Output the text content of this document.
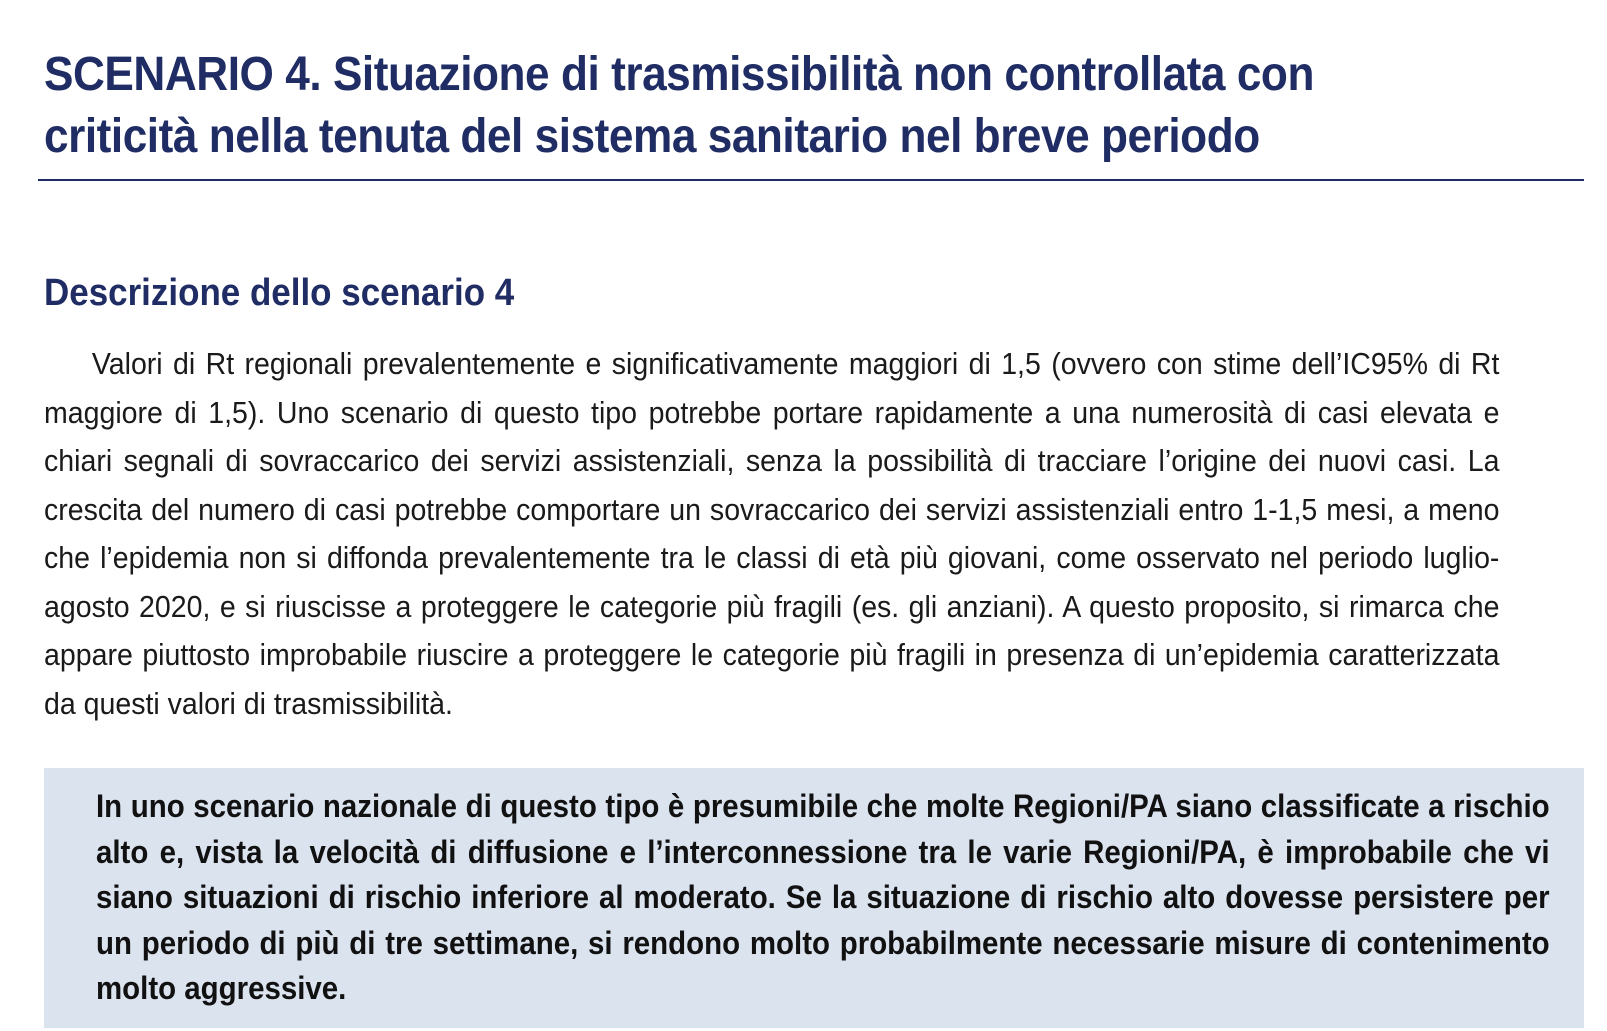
SCENARIO 4. Situazione di trasmissibilità non controllata con criticità nella tenuta del sistema sanitario nel breve periodo
Descrizione dello scenario 4

Valori di Rt regionali prevalentemente e significativamente maggiori di 1,5 (ovvero con stime dell’IC95% di Rt maggiore di 1,5). Uno scenario di questo tipo potrebbe portare rapidamente a una numerosità di casi elevata e chiari segnali di sovraccarico dei servizi assistenziali, senza la possibilità di tracciare l’origine dei nuovi casi. La crescita del numero di casi potrebbe comportare un sovraccarico dei servizi assistenziali entro 1-1,5 mesi, a meno che l’epidemia non si diffonda prevalentemente tra le classi di età più giovani, come osservato nel periodo luglio-agosto 2020, e si riuscisse a proteggere le categorie più fragili (es. gli anziani). A questo proposito, si rimarca che appare piuttosto improbabile riuscire a proteggere le categorie più fragili in presenza di un’epidemia caratterizzata da questi valori di trasmissibilità.

In uno scenario nazionale di questo tipo è presumibile che molte Regioni/PA siano classificate a rischio alto e, vista la velocità di diffusione e l’interconnessione tra le varie Regioni/PA, è improbabile che vi siano situazioni di rischio inferiore al moderato. Se la situazione di rischio alto dovesse persistere per un periodo di più di tre settimane, si rendono molto probabilmente necessarie misure di contenimento molto aggressive.
